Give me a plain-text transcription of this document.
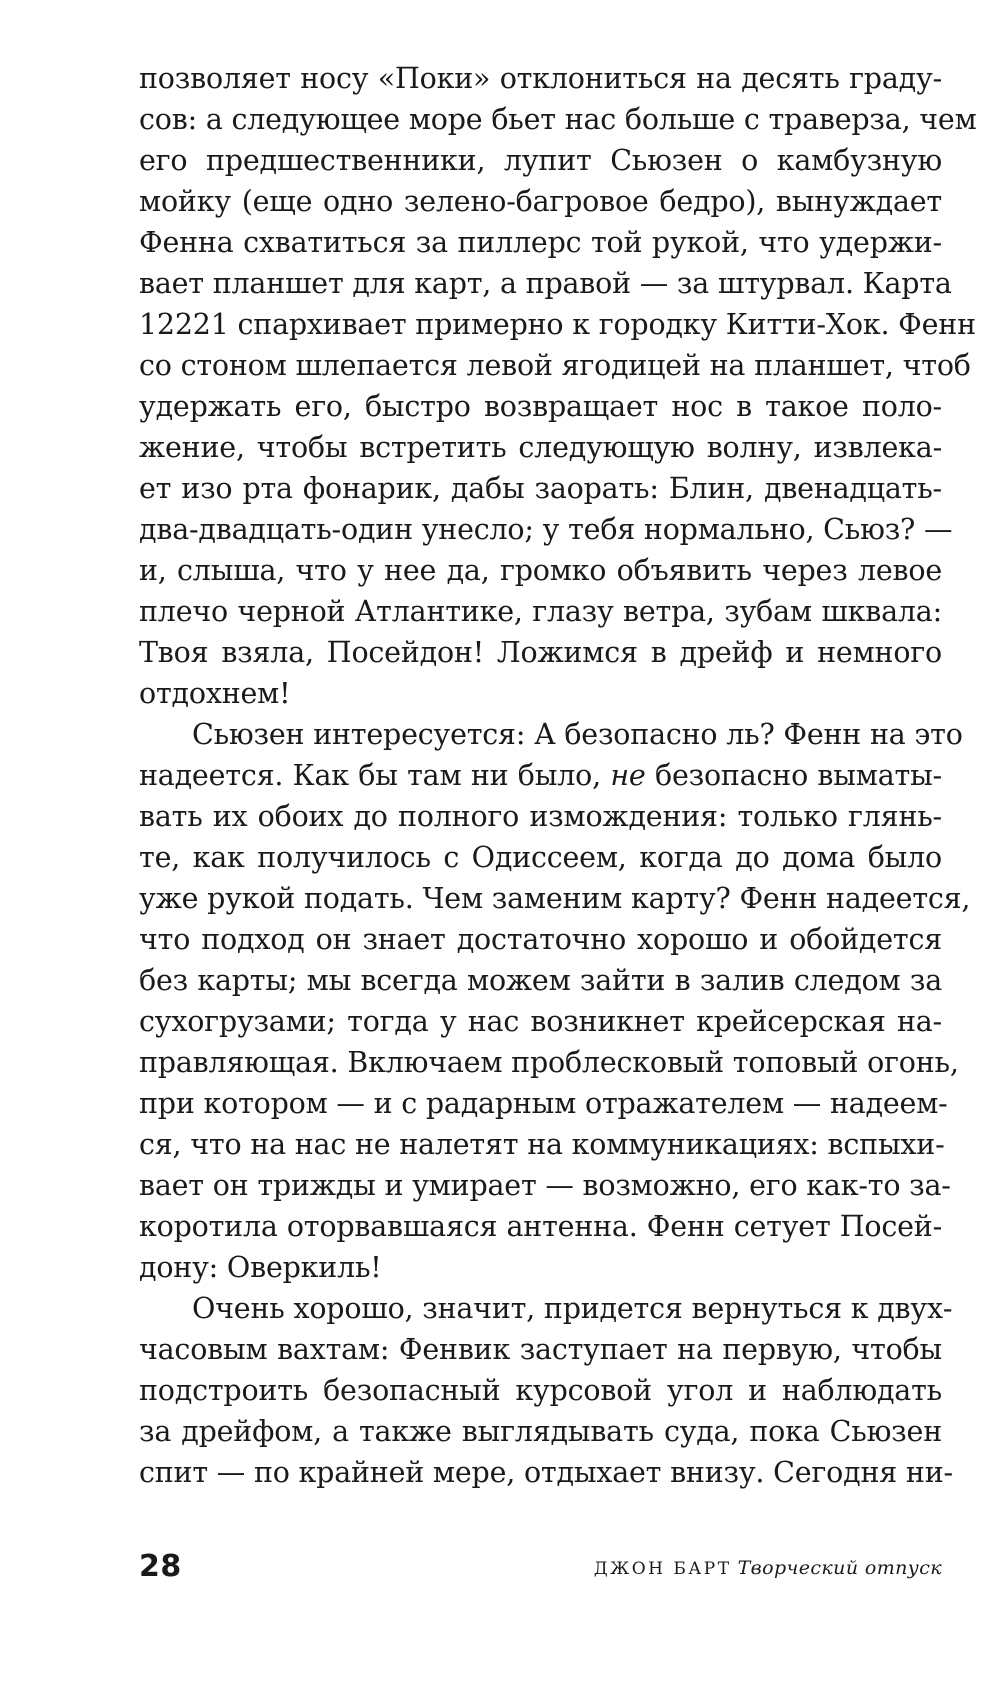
позволяет носу «Поки» отклониться на десять граду-
сов: а следующее море бьет нас больше с траверза, чем
его предшественники, лупит Сьюзен о камбузную
мойку (еще одно зелено-багровое бедро), вынуждает
Фенна схватиться за пиллерс той рукой, что удержи-
вает планшет для карт, а правой — за штурвал. Карта
12221 спархивает примерно к городку Китти-Хок. Фенн
со стоном шлепается левой ягодицей на планшет, чтоб
удержать его, быстро возвращает нос в такое поло-
жение, чтобы встретить следующую волну, извлека-
ет изо рта фонарик, дабы заорать: Блин, двенадцать-
два-двадцать-один унесло; у тебя нормально, Сьюз? —
и, слыша, что у нее да, громко объявить через левое
плечо черной Атлантике, глазу ветра, зубам шквала:
Твоя взяла, Посейдон! Ложимся в дрейф и немного
отдохнем!
Сьюзен интересуется: А безопасно ль? Фенн на это
надеется. Как бы там ни было, не безопасно выматы-
вать их обоих до полного измождения: только глянь-
те, как получилось с Одиссеем, когда до дома было
уже рукой подать. Чем заменим карту? Фенн надеется,
что подход он знает достаточно хорошо и обойдется
без карты; мы всегда можем зайти в залив следом за
сухогрузами; тогда у нас возникнет крейсерская на-
правляющая. Включаем проблесковый топовый огонь,
при котором — и с радарным отражателем — надеем-
ся, что на нас не налетят на коммуникациях: вспыхи-
вает он трижды и умирает — возможно, его как-то за-
коротила оторвавшаяся антенна. Фенн сетует Посей-
дону: Оверкиль!
Очень хорошо, значит, придется вернуться к двух-
часовым вахтам: Фенвик заступает на первую, чтобы
подстроить безопасный курсовой угол и наблюдать
за дрейфом, а также выглядывать суда, пока Сьюзен
спит — по крайней мере, отдыхает внизу. Сегодня ни-
28	ДЖОН БАРТ Творческий отпуск
